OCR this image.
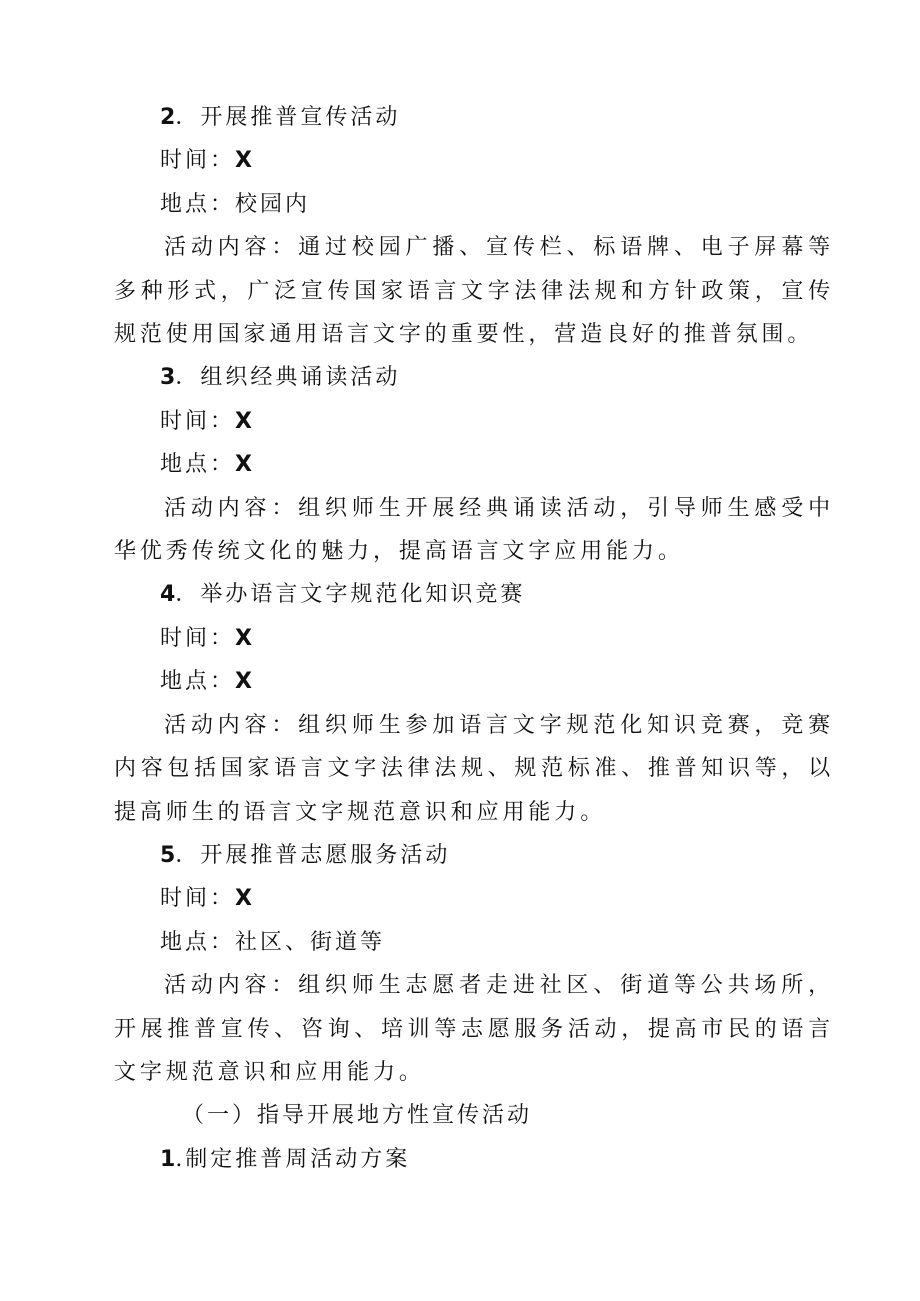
2．开展推普宣传活动

时间：X

地点：校园内

活动内容：通过校园广播、宣传栏、标语牌、电子屏幕等多种形式，广泛宣传国家语言文字法律法规和方针政策，宣传规范使用国家通用语言文字的重要性，营造良好的推普氛围。

3．组织经典诵读活动

时间：X

地点：X

活动内容：组织师生开展经典诵读活动，引导师生感受中华优秀传统文化的魅力，提高语言文字应用能力。

4．举办语言文字规范化知识竞赛

时间：X

地点：X

活动内容：组织师生参加语言文字规范化知识竞赛，竞赛内容包括国家语言文字法律法规、规范标准、推普知识等，以提高师生的语言文字规范意识和应用能力。

5．开展推普志愿服务活动

时间：X

地点：社区、街道等

活动内容：组织师生志愿者走进社区、街道等公共场所，开展推普宣传、咨询、培训等志愿服务活动，提高市民的语言文字规范意识和应用能力。

（一）指导开展地方性宣传活动

1.制定推普周活动方案
